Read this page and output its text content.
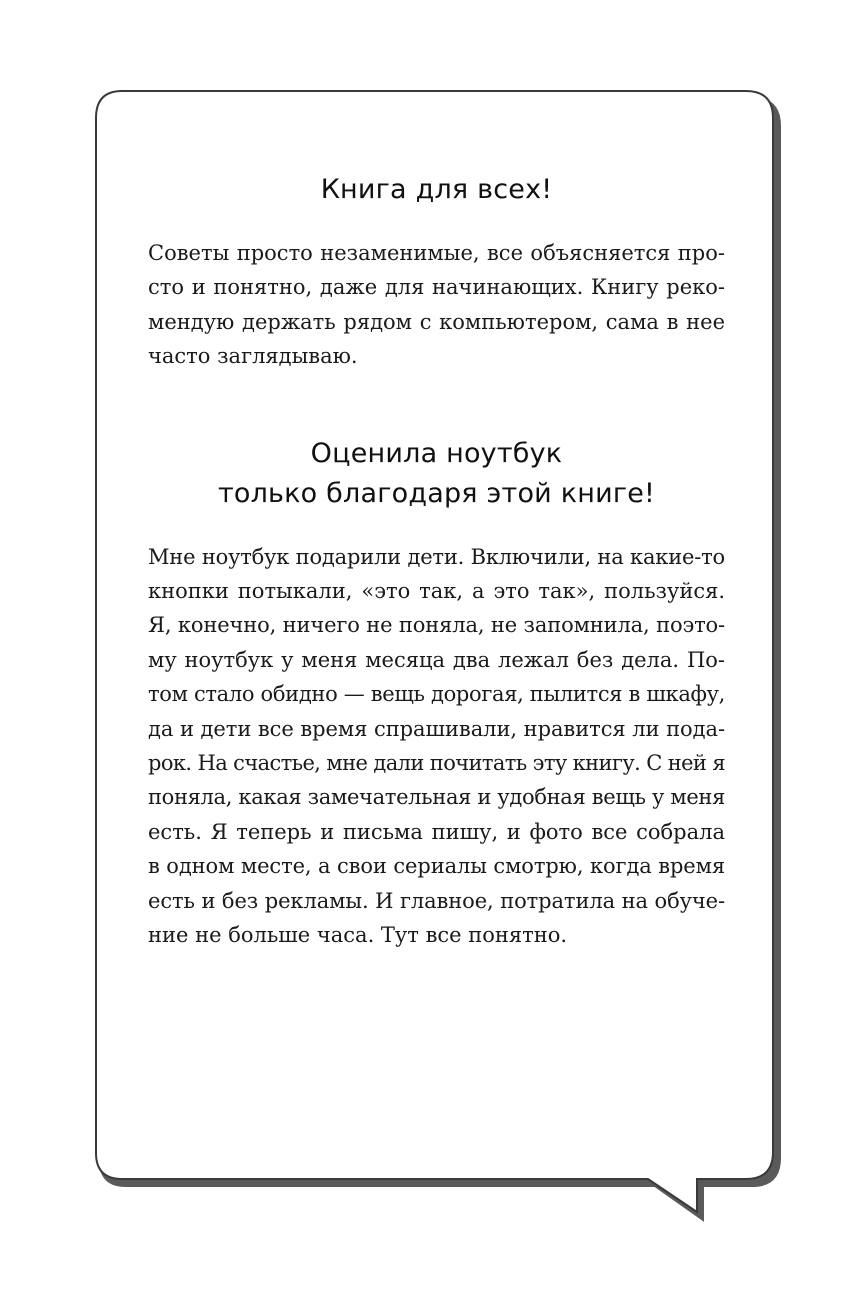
Книга для всех!
Советы просто незаменимые, все объясняется про-
сто и понятно, даже для начинающих. Книгу реко-
мендую держать рядом с компьютером, сама в нее
часто заглядываю.
Оценила ноутбук
только благодаря этой книге!
Мне ноутбук подарили дети. Включили, на какие-то
кнопки потыкали, «это так, а это так», пользуйся.
Я, конечно, ничего не поняла, не запомнила, поэто-
му ноутбук у меня месяца два лежал без дела. По-
том стало обидно — вещь дорогая, пылится в шкафу,
да и дети все время спрашивали, нравится ли пода-
рок. На счастье, мне дали почитать эту книгу. С ней я
поняла, какая замечательная и удобная вещь у меня
есть. Я теперь и письма пишу, и фото все собрала
в одном месте, а свои сериалы смотрю, когда время
есть и без рекламы. И главное, потратила на обуче-
ние не больше часа. Тут все понятно.
